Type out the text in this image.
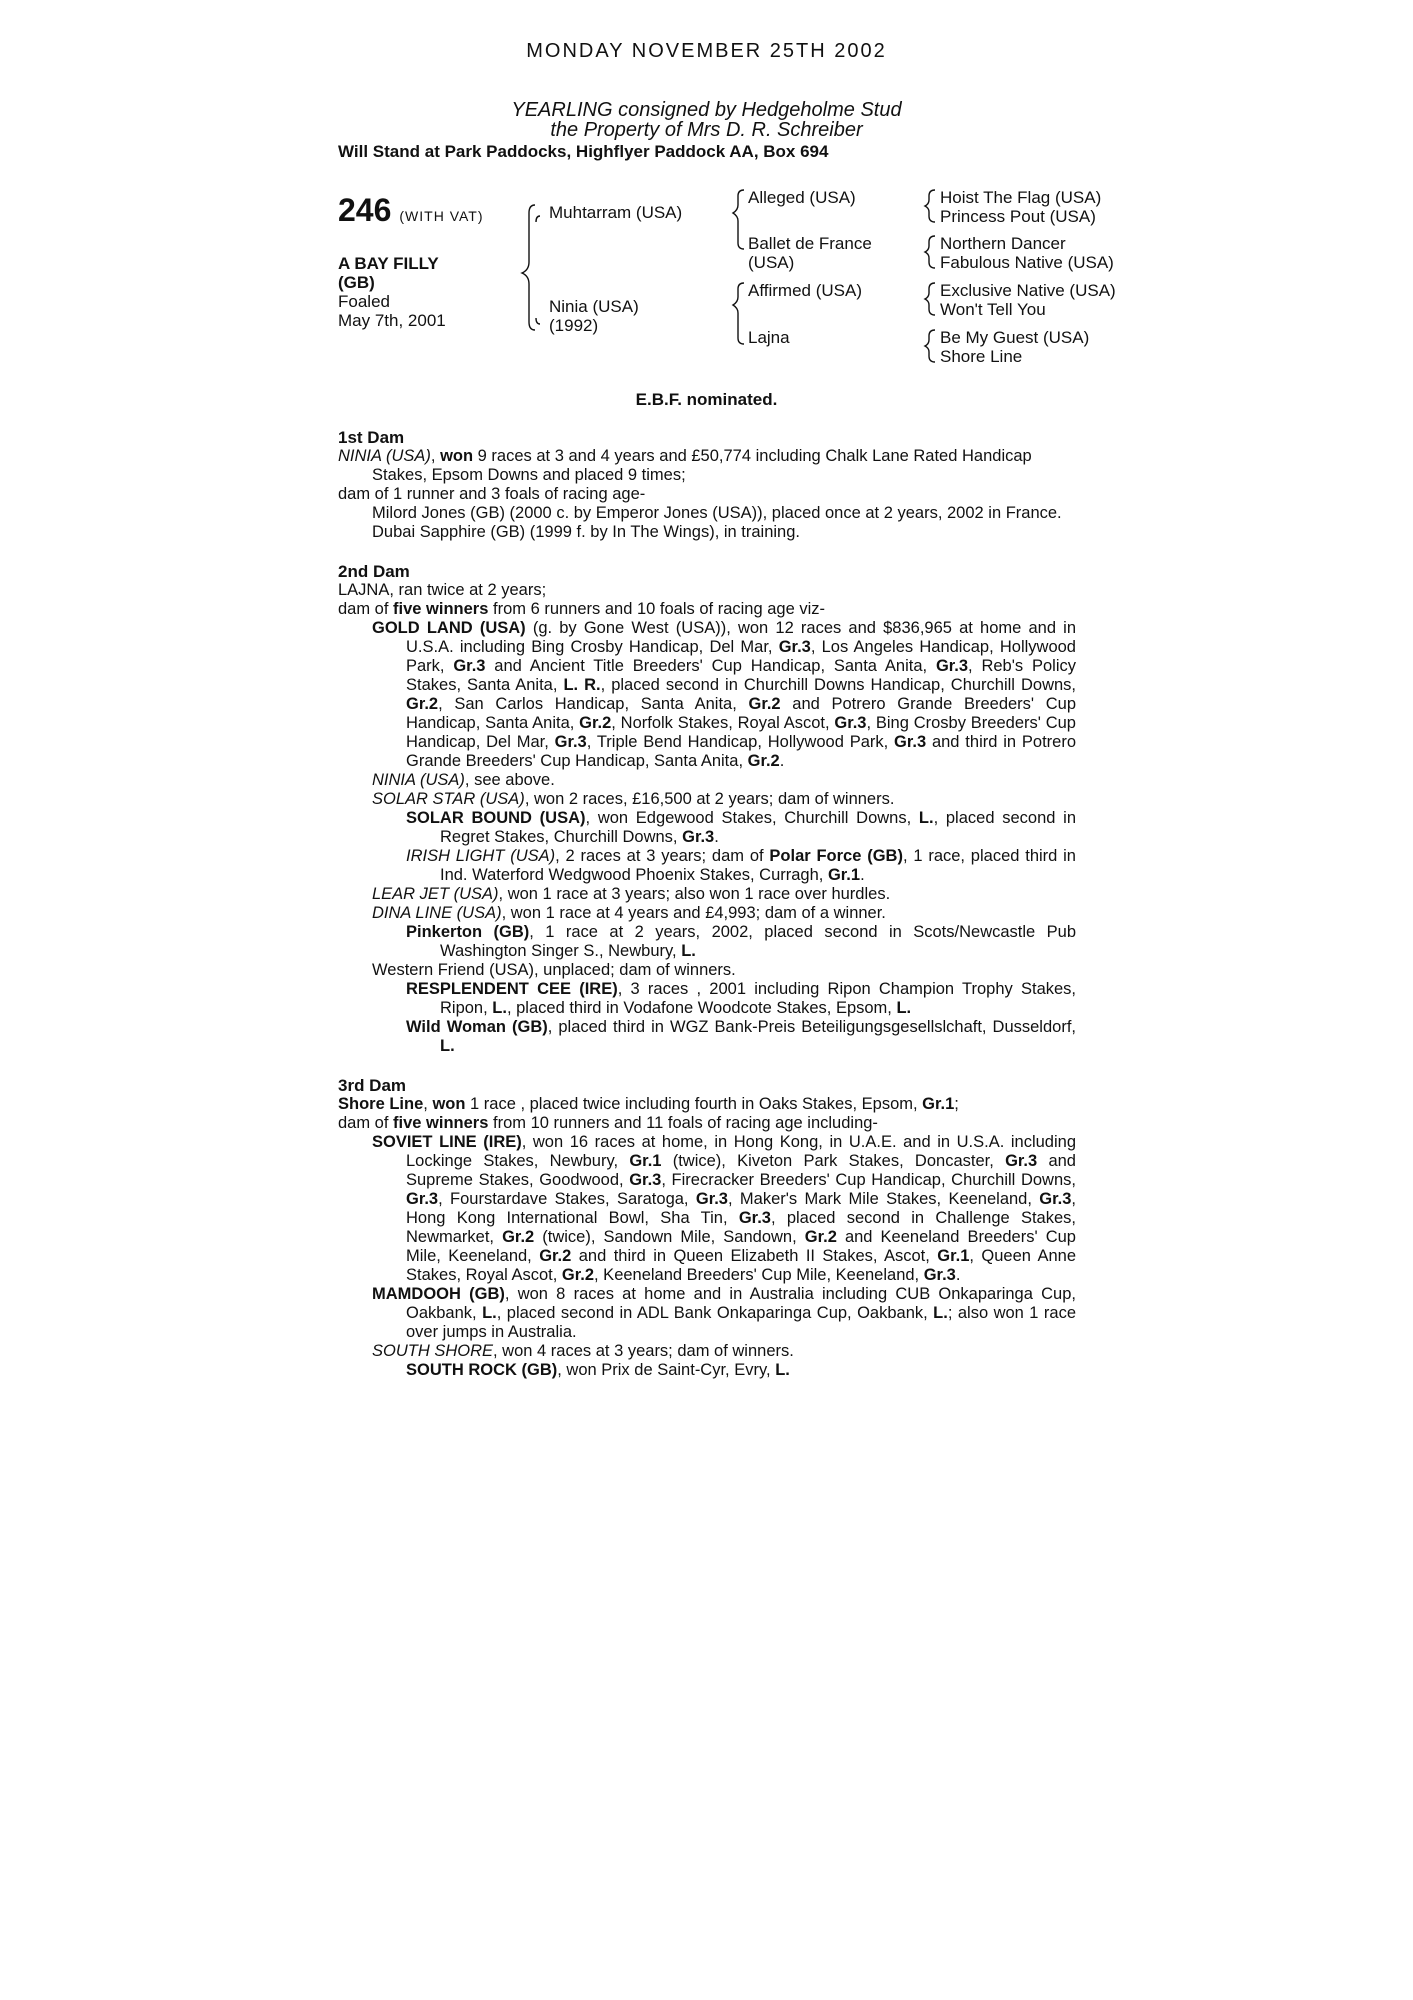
MONDAY NOVEMBER 25TH 2002
YEARLING consigned by Hedgeholme Stud
the Property of Mrs D. R. Schreiber
Will Stand at Park Paddocks, Highflyer Paddock AA, Box 694
246 (WITH VAT)
A BAY FILLY
(GB)
Foaled
May 7th, 2001
Muhtarram (USA)
Ninia (USA)
(1992)
Alleged (USA)
Ballet de France
(USA)
Affirmed (USA)
Lajna
Hoist The Flag (USA)
Princess Pout (USA)
Northern Dancer
Fabulous Native (USA)
Exclusive Native (USA)
Won't Tell You
Be My Guest (USA)
Shore Line
E.B.F. nominated.
1st Dam
NINIA (USA), won 9 races at 3 and 4 years and £50,774 including Chalk Lane Rated Handicap Stakes, Epsom Downs and placed 9 times;
dam of 1 runner and 3 foals of racing age-
Milord Jones (GB) (2000 c. by Emperor Jones (USA)), placed once at 2 years, 2002 in France.
Dubai Sapphire (GB) (1999 f. by In The Wings), in training.
2nd Dam
LAJNA, ran twice at 2 years;
dam of five winners from 6 runners and 10 foals of racing age viz-
GOLD LAND (USA) (g. by Gone West (USA)), won 12 races and $836,965 at home and in U.S.A. including Bing Crosby Handicap, Del Mar, Gr.3, Los Angeles Handicap, Hollywood Park, Gr.3 and Ancient Title Breeders' Cup Handicap, Santa Anita, Gr.3, Reb's Policy Stakes, Santa Anita, L. R., placed second in Churchill Downs Handicap, Churchill Downs, Gr.2, San Carlos Handicap, Santa Anita, Gr.2 and Potrero Grande Breeders' Cup Handicap, Santa Anita, Gr.2, Norfolk Stakes, Royal Ascot, Gr.3, Bing Crosby Breeders' Cup Handicap, Del Mar, Gr.3, Triple Bend Handicap, Hollywood Park, Gr.3 and third in Potrero Grande Breeders' Cup Handicap, Santa Anita, Gr.2.
NINIA (USA), see above.
SOLAR STAR (USA), won 2 races, £16,500 at 2 years; dam of winners.
SOLAR BOUND (USA), won Edgewood Stakes, Churchill Downs, L., placed second in Regret Stakes, Churchill Downs, Gr.3.
IRISH LIGHT (USA), 2 races at 3 years; dam of Polar Force (GB), 1 race, placed third in Ind. Waterford Wedgwood Phoenix Stakes, Curragh, Gr.1.
LEAR JET (USA), won 1 race at 3 years; also won 1 race over hurdles.
DINA LINE (USA), won 1 race at 4 years and £4,993; dam of a winner.
Pinkerton (GB), 1 race at 2 years, 2002, placed second in Scots/Newcastle Pub Washington Singer S., Newbury, L.
Western Friend (USA), unplaced; dam of winners.
RESPLENDENT CEE (IRE), 3 races , 2001 including Ripon Champion Trophy Stakes, Ripon, L., placed third in Vodafone Woodcote Stakes, Epsom, L.
Wild Woman (GB), placed third in WGZ Bank-Preis Beteiligungsgesellslchaft, Dusseldorf, L.
3rd Dam
Shore Line, won 1 race , placed twice including fourth in Oaks Stakes, Epsom, Gr.1;
dam of five winners from 10 runners and 11 foals of racing age including-
SOVIET LINE (IRE), won 16 races at home, in Hong Kong, in U.A.E. and in U.S.A. including Lockinge Stakes, Newbury, Gr.1 (twice), Kiveton Park Stakes, Doncaster, Gr.3 and Supreme Stakes, Goodwood, Gr.3, Firecracker Breeders' Cup Handicap, Churchill Downs, Gr.3, Fourstardave Stakes, Saratoga, Gr.3, Maker's Mark Mile Stakes, Keeneland, Gr.3, Hong Kong International Bowl, Sha Tin, Gr.3, placed second in Challenge Stakes, Newmarket, Gr.2 (twice), Sandown Mile, Sandown, Gr.2 and Keeneland Breeders' Cup Mile, Keeneland, Gr.2 and third in Queen Elizabeth II Stakes, Ascot, Gr.1, Queen Anne Stakes, Royal Ascot, Gr.2, Keeneland Breeders' Cup Mile, Keeneland, Gr.3.
MAMDOOH (GB), won 8 races at home and in Australia including CUB Onkaparinga Cup, Oakbank, L., placed second in ADL Bank Onkaparinga Cup, Oakbank, L.; also won 1 race over jumps in Australia.
SOUTH SHORE, won 4 races at 3 years; dam of winners.
SOUTH ROCK (GB), won Prix de Saint-Cyr, Evry, L.
